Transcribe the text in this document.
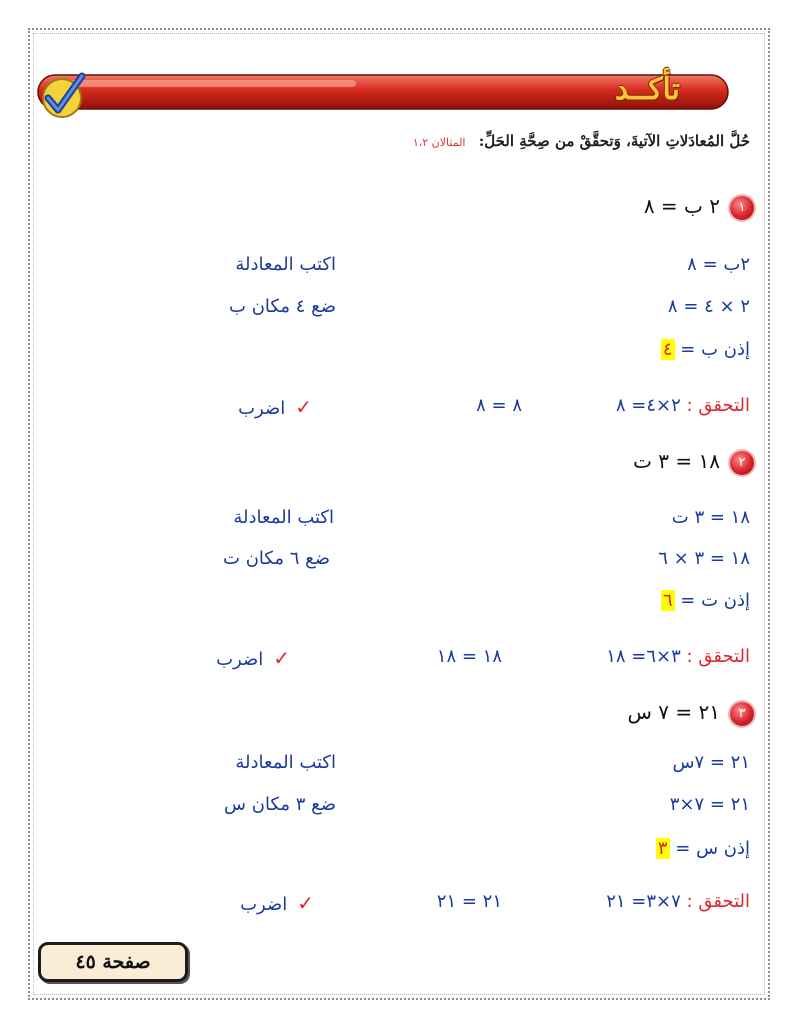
تأكــد
حُلَّ المُعادَلاتِ الآتيةَ، وَتحقَّقْ من صِحَّةِ الحَلِّ: المثالان ١،٢
١٢ ب = ٨
٢ب = ٨
اكتب المعادلة
٢ × ٤ = ٨
ضع ٤ مكان ب
إذن ب = ٤
التحقق : ٢×٤= ٨
٨ = ٨
✓اضرب
٢١٨ = ٣ ت
١٨ = ٣ ت
اكتب المعادلة
١٨ = ٣ × ٦
ضع ٦ مكان ت
إذن ت = ٦
التحقق : ٣×٦= ١٨
١٨ = ١٨
✓اضرب
٣٢١ = ٧ س
٢١ = ٧س
اكتب المعادلة
٢١ = ٧×٣
ضع ٣ مكان س
إذن س = ٣
التحقق : ٧×٣= ٢١
٢١ = ٢١
✓اضرب
صفحة ٤٥
